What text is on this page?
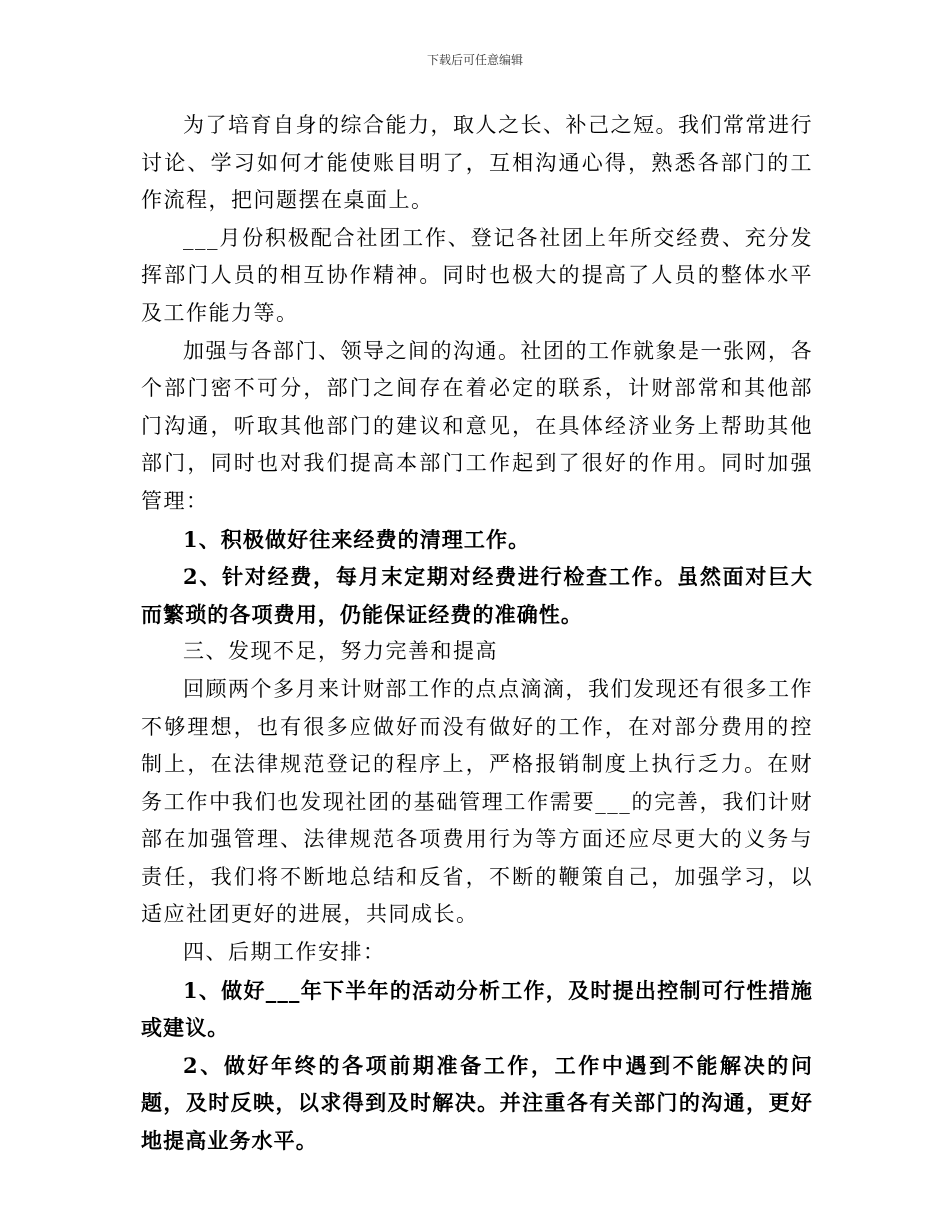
下载后可任意编辑

为了培育自身的综合能力，取人之长、补己之短。我们常常进行讨论、学习如何才能使账目明了，互相沟通心得，熟悉各部门的工作流程，把问题摆在桌面上。

___月份积极配合社团工作、登记各社团上年所交经费、充分发挥部门人员的相互协作精神。同时也极大的提高了人员的整体水平及工作能力等。

加强与各部门、领导之间的沟通。社团的工作就象是一张网，各个部门密不可分，部门之间存在着必定的联系，计财部常和其他部门沟通，听取其他部门的建议和意见，在具体经济业务上帮助其他部门，同时也对我们提高本部门工作起到了很好的作用。同时加强管理：

1、积极做好往来经费的清理工作。

2、针对经费，每月末定期对经费进行检查工作。虽然面对巨大而繁琐的各项费用，仍能保证经费的准确性。

三、发现不足，努力完善和提高

回顾两个多月来计财部工作的点点滴滴，我们发现还有很多工作不够理想，也有很多应做好而没有做好的工作，在对部分费用的控制上，在法律规范登记的程序上，严格报销制度上执行乏力。在财务工作中我们也发现社团的基础管理工作需要___的完善，我们计财部在加强管理、法律规范各项费用行为等方面还应尽更大的义务与责任，我们将不断地总结和反省，不断的鞭策自己，加强学习，以适应社团更好的进展，共同成长。

四、后期工作安排：

1、做好___年下半年的活动分析工作，及时提出控制可行性措施或建议。

2、做好年终的各项前期准备工作，工作中遇到不能解决的问题，及时反映，以求得到及时解决。并注重各有关部门的沟通，更好地提高业务水平。
